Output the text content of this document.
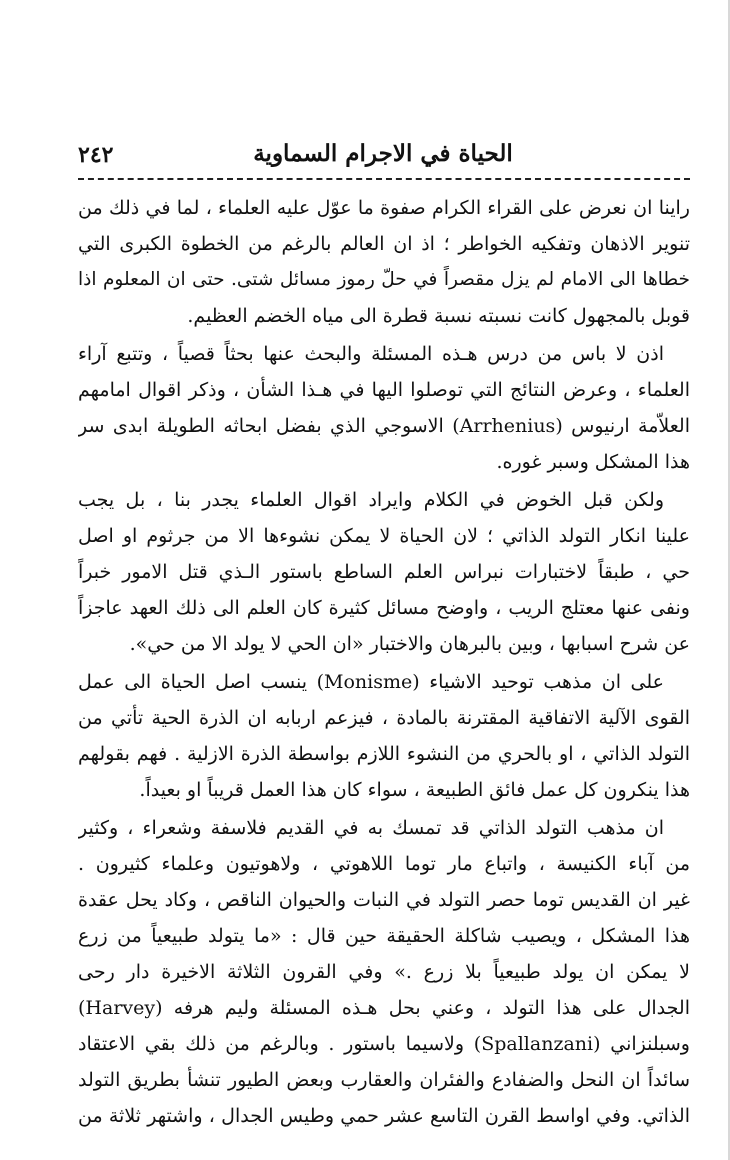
٢٤٢	الحياة في الاجرام السماوية
راينا ان نعرض على القراء الكرام صفوة ما عوّل عليه العلماء ، لما في ذلك من
تنوير الاذهان وتفكيه الخواطر ؛ اذ ان العالم بالرغم من الخطوة الكبرى التي
خطاها الى الامام لم يزل مقصراً في حلّ رموز مسائل شتى. حتى ان المعلوم اذا
قوبل بالمجهول كانت نسبته نسبة قطرة الى مياه الخضم العظيم.
اذن لا باس من درس هـذه المسئلة والبحث عنها بحثاً قصياً ، وتتبع آراء
العلماء ، وعرض النتائج التي توصلوا اليها في هـذا الشأن ، وذكر اقوال امامهم
العلاّمة ارنيوس (Arrhenius) الاسوجي الذي بفضل ابحاثه الطويلة ابدى سر
هذا المشكل وسبر غوره.
ولكن قبل الخوض في الكلام وايراد اقوال العلماء يجدر بنا ، بل يجب
علينا انكار التولد الذاتي ؛ لان الحياة لا يمكن نشوءها الا من جرثوم او اصل
حي ، طبقاً لاختبارات نبراس العلم الساطع باستور الـذي قتل الامور خبراً
ونفى عنها معتلج الريب ، واوضح مسائل كثيرة كان العلم الى ذلك العهد عاجزاً
عن شرح اسبابها ، وبين بالبرهان والاختبار «ان الحي لا يولد الا من حي».
على ان مذهب توحيد الاشياء (Monisme) ينسب اصل الحياة الى عمل
القوى الآلية الاتفاقية المقترنة بالمادة ، فيزعم اربابه ان الذرة الحية تأتي من
التولد الذاتي ، او بالحري من النشوء اللازم بواسطة الذرة الازلية . فهم بقولهم
هذا ينكرون كل عمل فائق الطبيعة ، سواء كان هذا العمل قريباً او بعيداً.
ان مذهب التولد الذاتي قد تمسك به في القديم فلاسفة وشعراء ، وكثير
من آباء الكنيسة ، واتباع مار توما اللاهوتي ، ولاهوتيون وعلماء كثيرون .
غير ان القديس توما حصر التولد في النبات والحيوان الناقص ، وكاد يحل عقدة
هذا المشكل ، ويصيب شاكلة الحقيقة حين قال : «ما يتولد طبيعياً من زرع
لا يمكن ان يولد طبيعياً بلا زرع .» وفي القرون الثلاثة الاخيرة دار رحى
الجدال على هذا التولد ، وعني بحل هـذه المسئلة وليم هرفه (Harvey)
وسبلنزاني (Spallanzani) ولاسيما باستور . وبالرغم من ذلك بقي الاعتقاد
سائداً ان النحل والضفادع والفئران والعقارب وبعض الطيور تنشأ بطريق التولد
الذاتي. وفي اواسط القرن التاسع عشر حمي وطيس الجدال ، واشتهر ثلاثة من
